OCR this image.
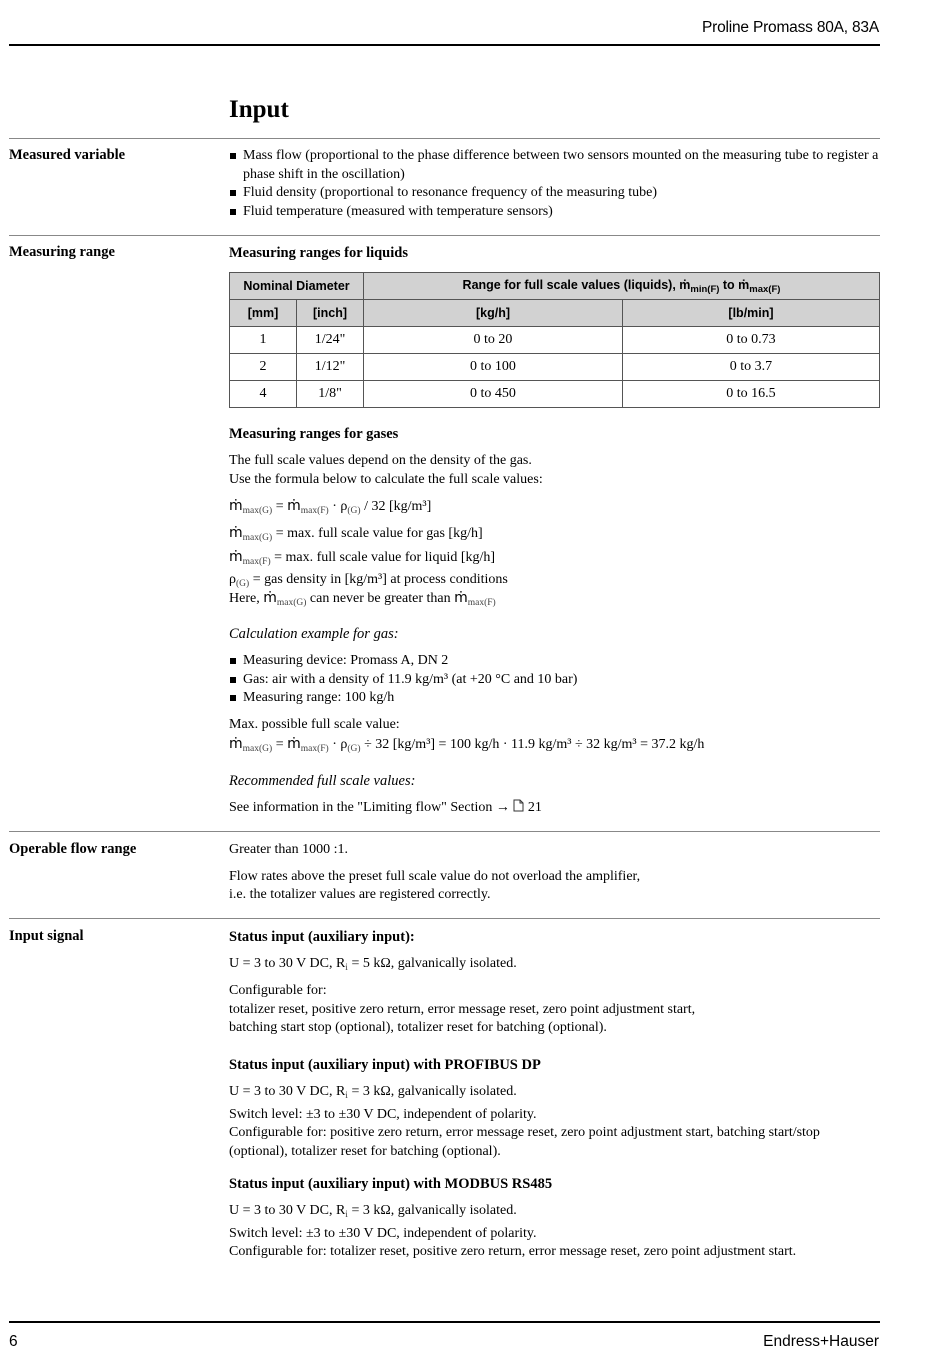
Proline Promass 80A, 83A
Input
Measured variable	Mass flow (proportional to the phase difference between two sensors mounted on the measuring tube to register a phase shift in the oscillation)
Fluid density (proportional to resonance frequency of the measuring tube)
Fluid temperature (measured with temperature sensors)
Measuring range	Measuring ranges for liquids
Nominal Diameter		Range for full scale values (liquids), ṁ$_{min(F)}$ to ṁ$_{max(F)}$
[mm]	[inch]	[kg/h]	[lb/min]
1	1/24"	0 to 20	0 to 0.73
2	1/12"	0 to 100	0 to 3.7
4	1/8"	0 to 450	0 to 16.5
Measuring ranges for gases
The full scale values depend on the density of the gas.
Use the formula below to calculate the full scale values:
ṁ$_{max(G)}$ = ṁ$_{max(F)}$ · $\rho_{(G)} / 32$ [kg/m³]
ṁ$_{max(G)}$ = max. full scale value for gas [kg/h]
ṁ$_{max(F)}$ = max. full scale value for liquid [kg/h]
$\rho_{(G)}$ = gas density in [kg/m³] at process conditions
Here, ṁ$_{max(G)}$ can never be greater than ṁ$_{max(F)}$
Calculation example for gas:
Measuring device: Promass A, DN 2
Gas: air with a density of 11.9 kg/m³ (at +20 °C and 10 bar)
Measuring range: 100 kg/h
Max. possible full scale value:
ṁ$_{max(G)}$ = ṁ$_{max(F)}$ · $\rho_{(G)} \div 32$ [kg/m³] = 100 kg/h · 11.9 kg/m³ ÷ 32 kg/m³ = 37.2 kg/h
Recommended full scale values:
See information in the "Limiting flow" Section →  21
Operable flow range	Greater than 1000 :1.
Flow rates above the preset full scale value do not overload the amplifier,
i.e. the totalizer values are registered correctly.
Input signal	Status input (auxiliary input):
U = 3 to 30 V DC, $R_i = 5$ kΩ, galvanically isolated.
Configurable for:
totalizer reset, positive zero return, error message reset, zero point adjustment start,
batching start stop (optional), totalizer reset for batching (optional).
Status input (auxiliary input) with PROFIBUS DP
U = 3 to 30 V DC, $R_i = 3$ kΩ, galvanically isolated.
Switch level: ±3 to ±30 V DC, independent of polarity.
Configurable for: positive zero return, error message reset, zero point adjustment start, batching start/stop (optional), totalizer reset for batching (optional).
Status input (auxiliary input) with MODBUS RS485
U = 3 to 30 V DC, $R_i = 3$ kΩ, galvanically isolated.
Switch level: ±3 to ±30 V DC, independent of polarity.
Configurable for: totalizer reset, positive zero return, error message reset, zero point adjustment start.
6	Endress+Hauser
